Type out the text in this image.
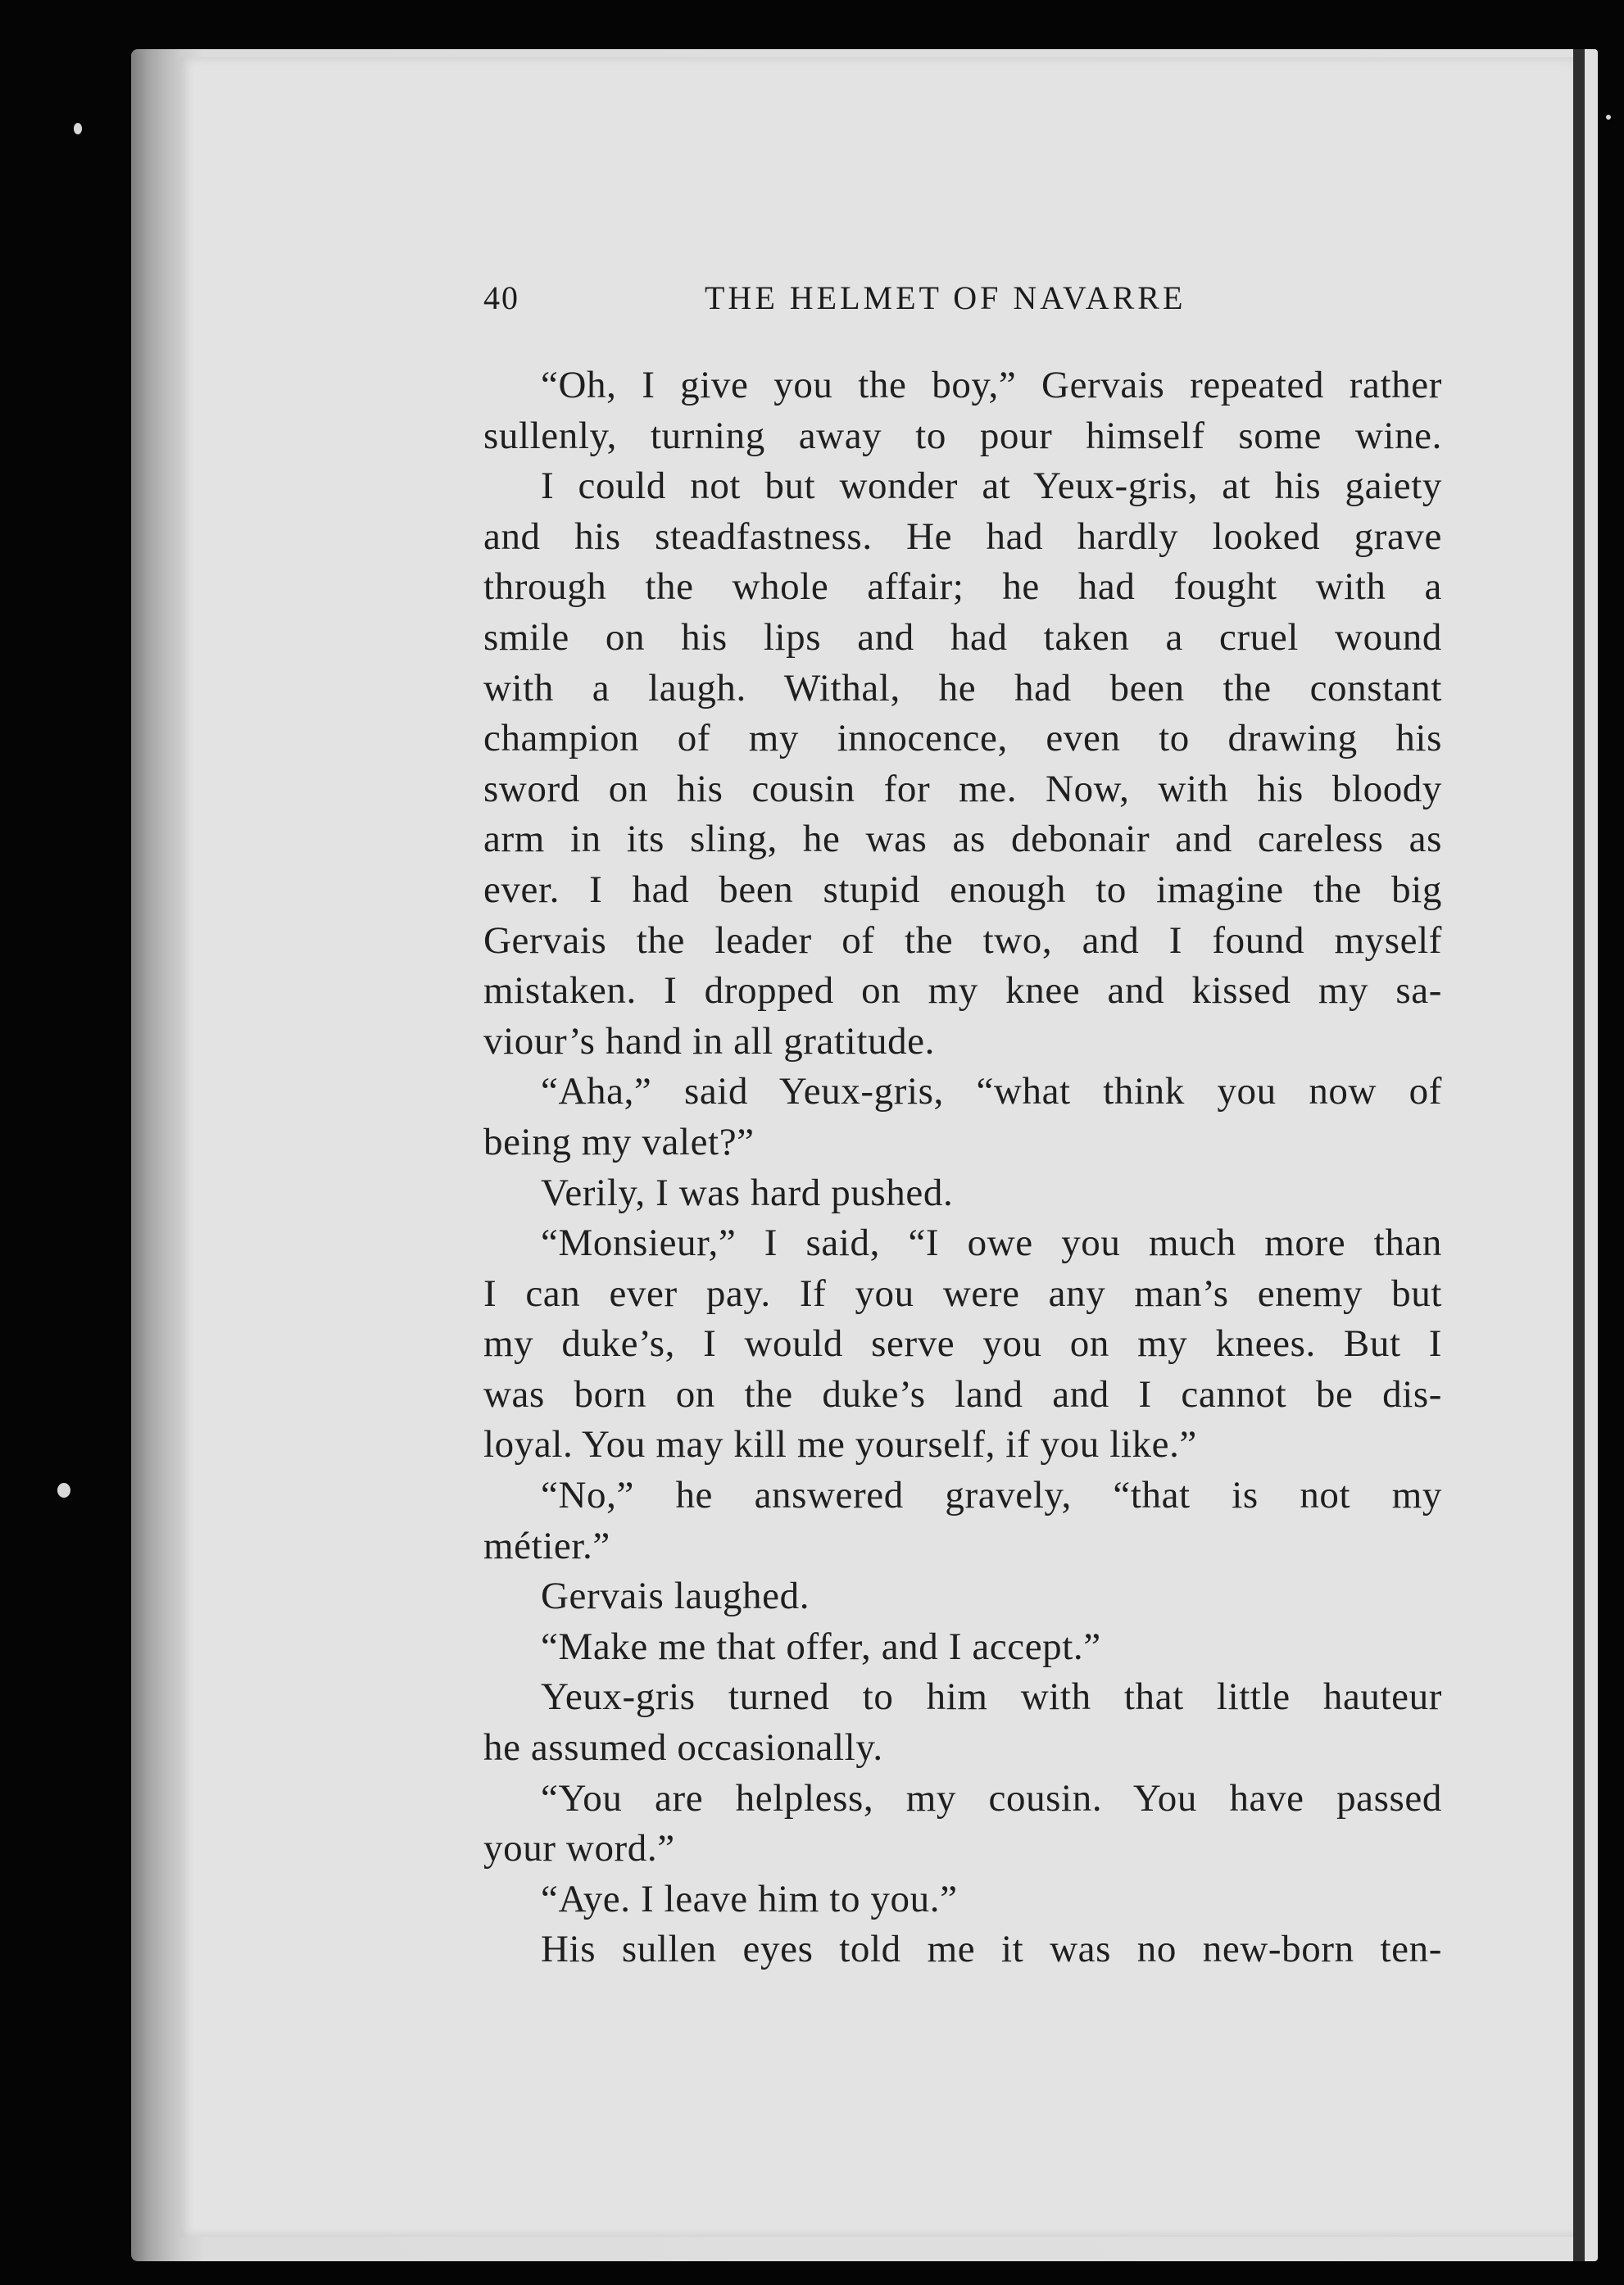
40	THE HELMET OF NAVARRE
“Oh, I give you the boy,” Gervais repeated rather
sullenly, turning away to pour himself some wine.
I could not but wonder at Yeux-gris, at his gaiety
and his steadfastness. He had hardly looked grave
through the whole affair; he had fought with a
smile on his lips and had taken a cruel wound
with a laugh. Withal, he had been the constant
champion of my innocence, even to drawing his
sword on his cousin for me. Now, with his bloody
arm in its sling, he was as debonair and careless as
ever. I had been stupid enough to imagine the big
Gervais the leader of the two, and I found myself
mistaken. I dropped on my knee and kissed my sa-
viour’s hand in all gratitude.
“Aha,” said Yeux-gris, “what think you now of
being my valet?”
Verily, I was hard pushed.
“Monsieur,” I said, “I owe you much more than
I can ever pay. If you were any man’s enemy but
my duke’s, I would serve you on my knees. But I
was born on the duke’s land and I cannot be dis-
loyal. You may kill me yourself, if you like.”
“No,” he answered gravely, “that is not my
métier.”
Gervais laughed.
“Make me that offer, and I accept.”
Yeux-gris turned to him with that little hauteur
he assumed occasionally.
“You are helpless, my cousin. You have passed
your word.”
“Aye. I leave him to you.”
His sullen eyes told me it was no new-born ten-
